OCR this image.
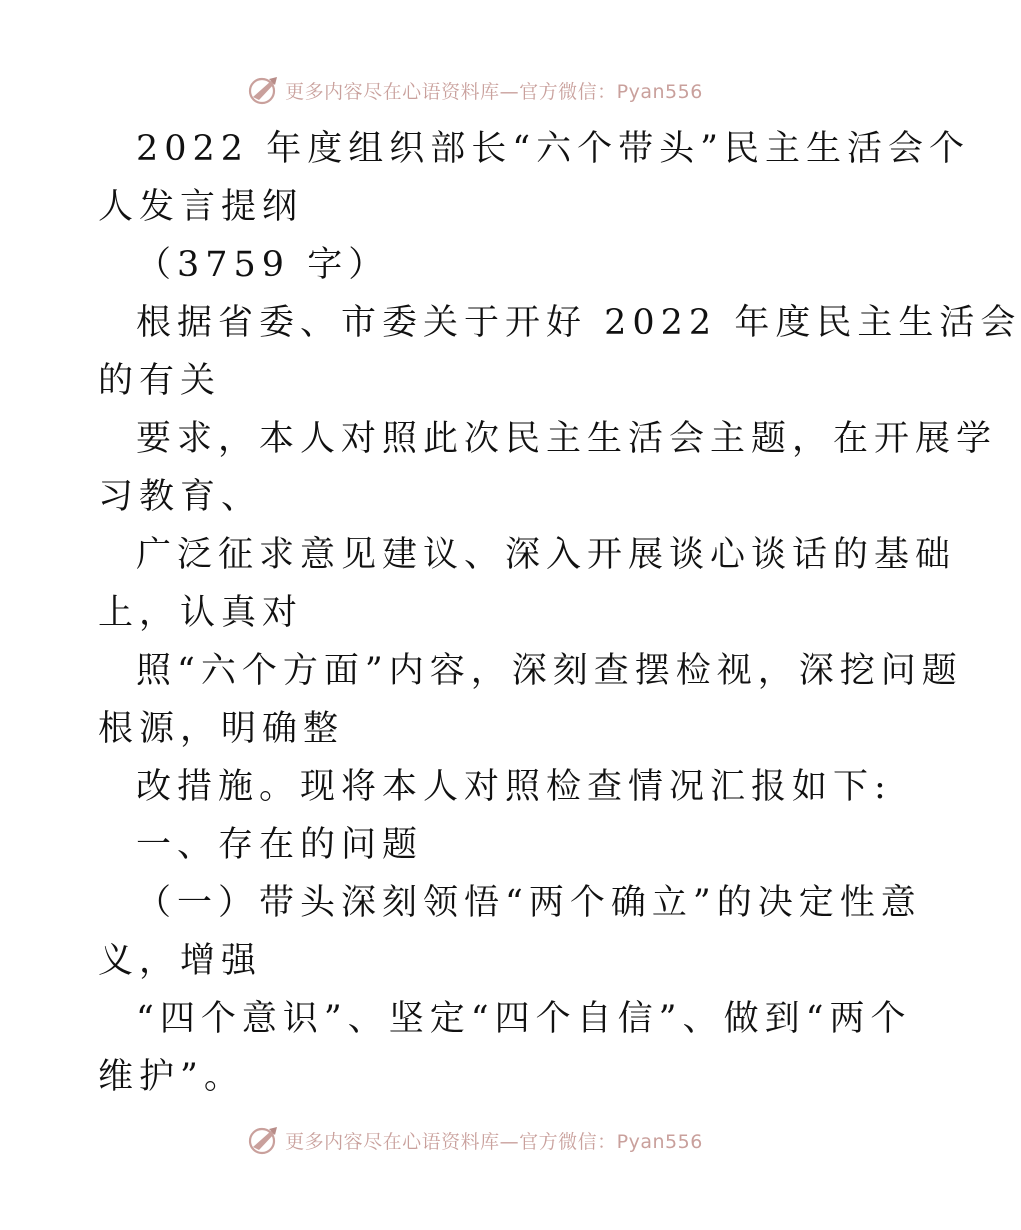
更多内容尽在心语资料库—官方微信：Pyan556
2022 年度组织部长“六个带头”民主生活会个
人发言提纲
（3759 字）
根据省委、市委关于开好 2022 年度民主生活会
的有关
要求，本人对照此次民主生活会主题，在开展学
习教育、
广泛征求意见建议、深入开展谈心谈话的基础
上，认真对
照“六个方面”内容，深刻查摆检视，深挖问题
根源，明确整
改措施。现将本人对照检查情况汇报如下:
一、存在的问题
（一）带头深刻领悟“两个确立”的决定性意
义，增强
“四个意识”、坚定“四个自信”、做到“两个
维护”。
更多内容尽在心语资料库—官方微信：Pyan556
